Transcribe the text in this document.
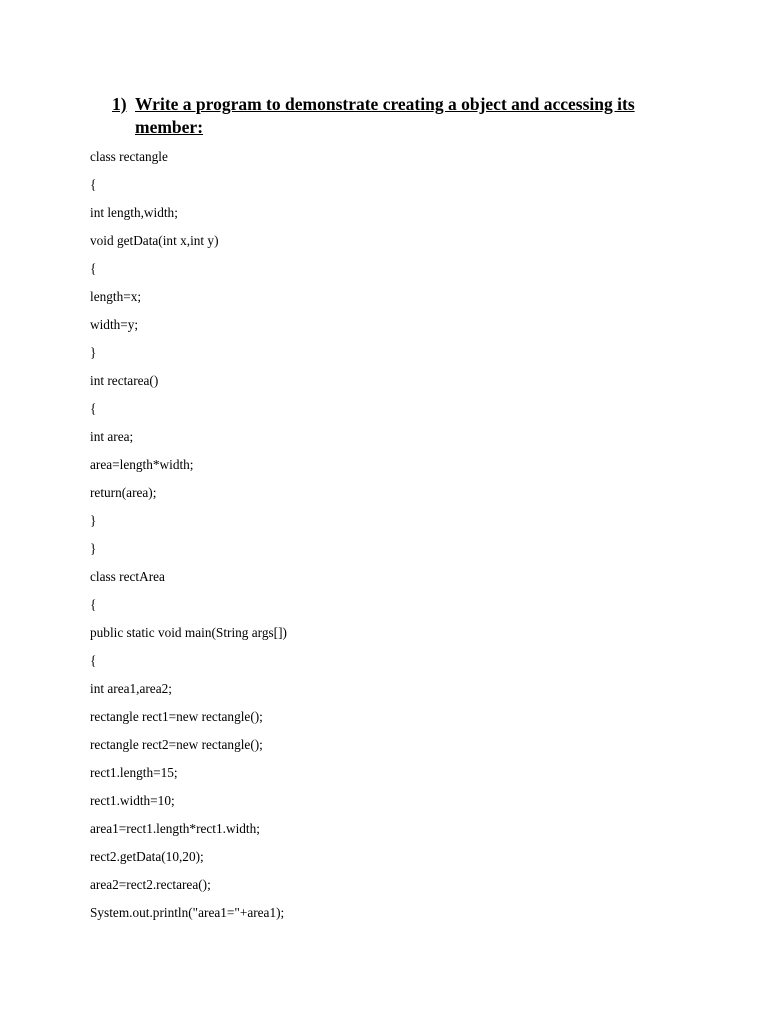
1) Write a program to demonstrate creating a object and accessing its member:
class rectangle
{
int length,width;
void getData(int x,int y)
{
length=x;
width=y;
}
int rectarea()
{
int area;
area=length*width;
return(area);
}
}
class rectArea
{
public static void main(String args[])
{
int area1,area2;
rectangle rect1=new rectangle();
rectangle rect2=new rectangle();
rect1.length=15;
rect1.width=10;
area1=rect1.length*rect1.width;
rect2.getData(10,20);
area2=rect2.rectarea();
System.out.println("area1="+area1);
